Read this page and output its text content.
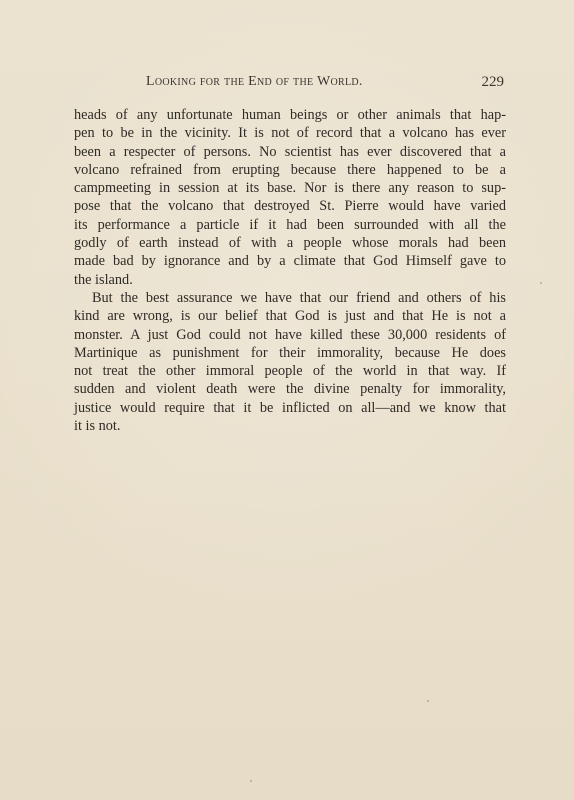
Looking for the End of the World.	229
heads of any unfortunate human beings or other animals that hap-
pen to be in the vicinity. It is not of record that a volcano has ever
been a respecter of persons. No scientist has ever discovered that a
volcano refrained from erupting because there happened to be a
campmeeting in session at its base. Nor is there any reason to sup-
pose that the volcano that destroyed St. Pierre would have varied
its performance a particle if it had been surrounded with all the
godly of earth instead of with a people whose morals had been
made bad by ignorance and by a climate that God Himself gave to
the island.
But the best assurance we have that our friend and others of his
kind are wrong, is our belief that God is just and that He is not a
monster. A just God could not have killed these 30,000 residents of
Martinique as punishment for their immorality, because He does
not treat the other immoral people of the world in that way. If
sudden and violent death were the divine penalty for immorality,
justice would require that it be inflicted on all—and we know that
it is not.
